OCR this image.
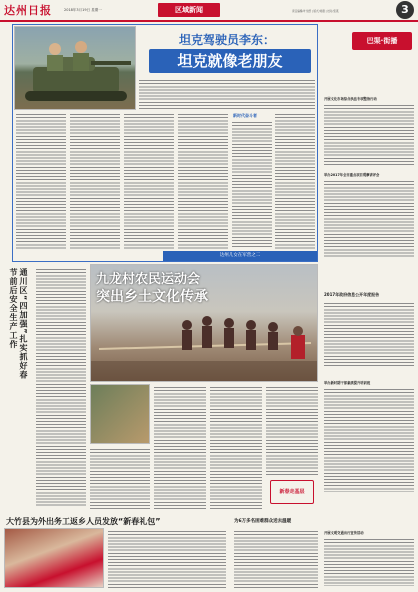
达州日报	2018年3月19日 星期一	区域新闻	责任编辑/叶龙德 | 版式/刘薇 | 校对/张燕	3
坦克驾驶员李东：
坦克就像老朋友
新时代奋斗者
达州儿女在军营之二
巴渠·街播
开展文化市场综合执法专项整治行动
举办2017年全市重点项目观摩讲评会
2017年政府信息公开年度报告
举办新时期干部素质提升培训班
开展文明交通出行宣传活动
通川区“四加强”扎实抓好春节前后安全生产工作	九龙村农民运动会
突出乡土文化传承
新春走基层
大竹县为外出务工返乡人员发放“新春礼包”	为6万多名困难群众送去温暖
